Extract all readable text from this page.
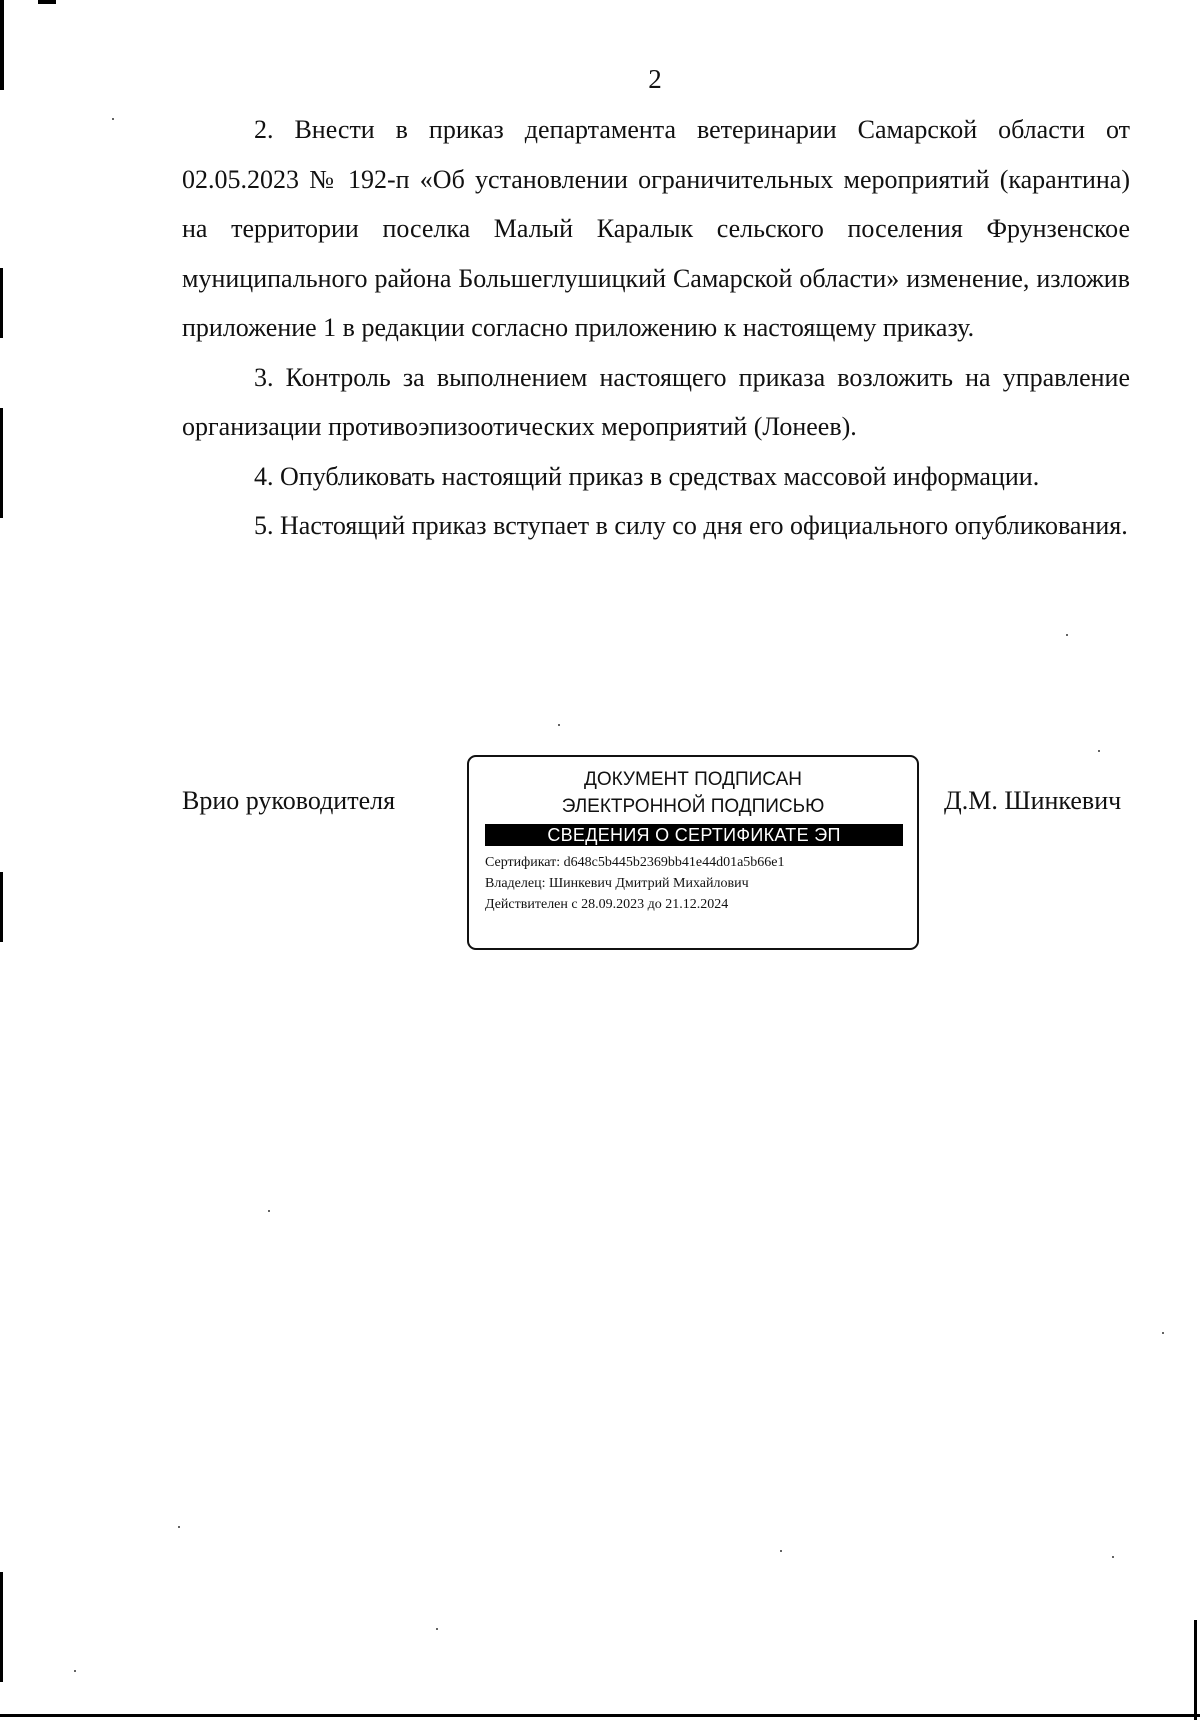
2

2. Внести в приказ департамента ветеринарии Самарской области от 02.05.2023 № 192-п «Об установлении ограничительных мероприятий (карантина) на территории поселка Малый Каралык сельского поселения Фрунзенское муниципального района Большеглушицкий Самарской области» изменение, изложив приложение 1 в редакции согласно приложению к настоящему приказу.

3. Контроль за выполнением настоящего приказа возложить на управление организации противоэпизоотических мероприятий (Лонеев).

4. Опубликовать настоящий приказ в средствах массовой информации.

5. Настоящий приказ вступает в силу со дня его официального опубликования.

Врио руководителя
ДОКУМЕНТ ПОДПИСАН
ЭЛЕКТРОННОЙ ПОДПИСЬЮ
СВЕДЕНИЯ О СЕРТИФИКАТЕ ЭП
Сертификат: d648c5b445b2369bb41e44d01a5b66e1
Владелец: Шинкевич Дмитрий Михайлович
Действителен с 28.09.2023 до 21.12.2024
Д.М. Шинкевич
